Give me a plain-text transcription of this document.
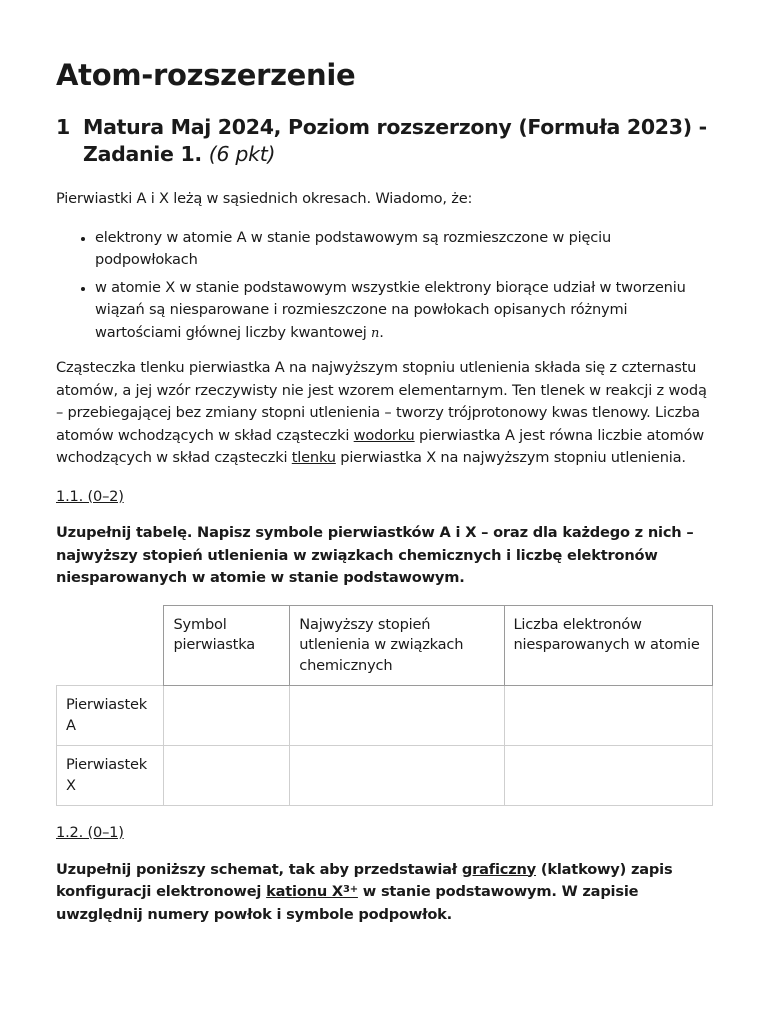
Atom-rozszerzenie
1 Matura Maj 2024, Poziom rozszerzony (Formuła 2023) - Zadanie 1. (6 pkt)

Pierwiastki A i X leżą w sąsiednich okresach. Wiadomo, że:

• elektrony w atomie A w stanie podstawowym są rozmieszczone w pięciu podpowłokach
• w atomie X w stanie podstawowym wszystkie elektrony biorące udział w tworzeniu wiązań są niesparowane i rozmieszczone na powłokach opisanych różnymi wartościami głównej liczby kwantowej n.

Cząsteczka tlenku pierwiastka A na najwyższym stopniu utlenienia składa się z czternastu atomów, a jej wzór rzeczywisty nie jest wzorem elementarnym. Ten tlenek w reakcji z wodą – przebiegającej bez zmiany stopni utlenienia – tworzy trójprotonowy kwas tlenowy. Liczba atomów wchodzących w skład cząsteczki wodorku pierwiastka A jest równa liczbie atomów wchodzących w skład cząsteczki tlenku pierwiastka X na najwyższym stopniu utlenienia.

1.1. (0–2)

Uzupełnij tabelę. Napisz symbole pierwiastków A i X – oraz dla każdego z nich – najwyższy stopień utlenienia w związkach chemicznych i liczbę elektronów niesparowanych w atomie w stanie podstawowym.

	Symbol pierwiastka	Najwyższy stopień utlenienia w związkach chemicznych	Liczba elektronów niesparowanych w atomie
Pierwiastek A			
Pierwiastek X			

1.2. (0–1)

Uzupełnij poniższy schemat, tak aby przedstawiał graficzny (klatkowy) zapis konfiguracji elektronowej kationu $X^{3+}$ w stanie podstawowym. W zapisie uwzględnij numery powłok i symbole podpowłok.
